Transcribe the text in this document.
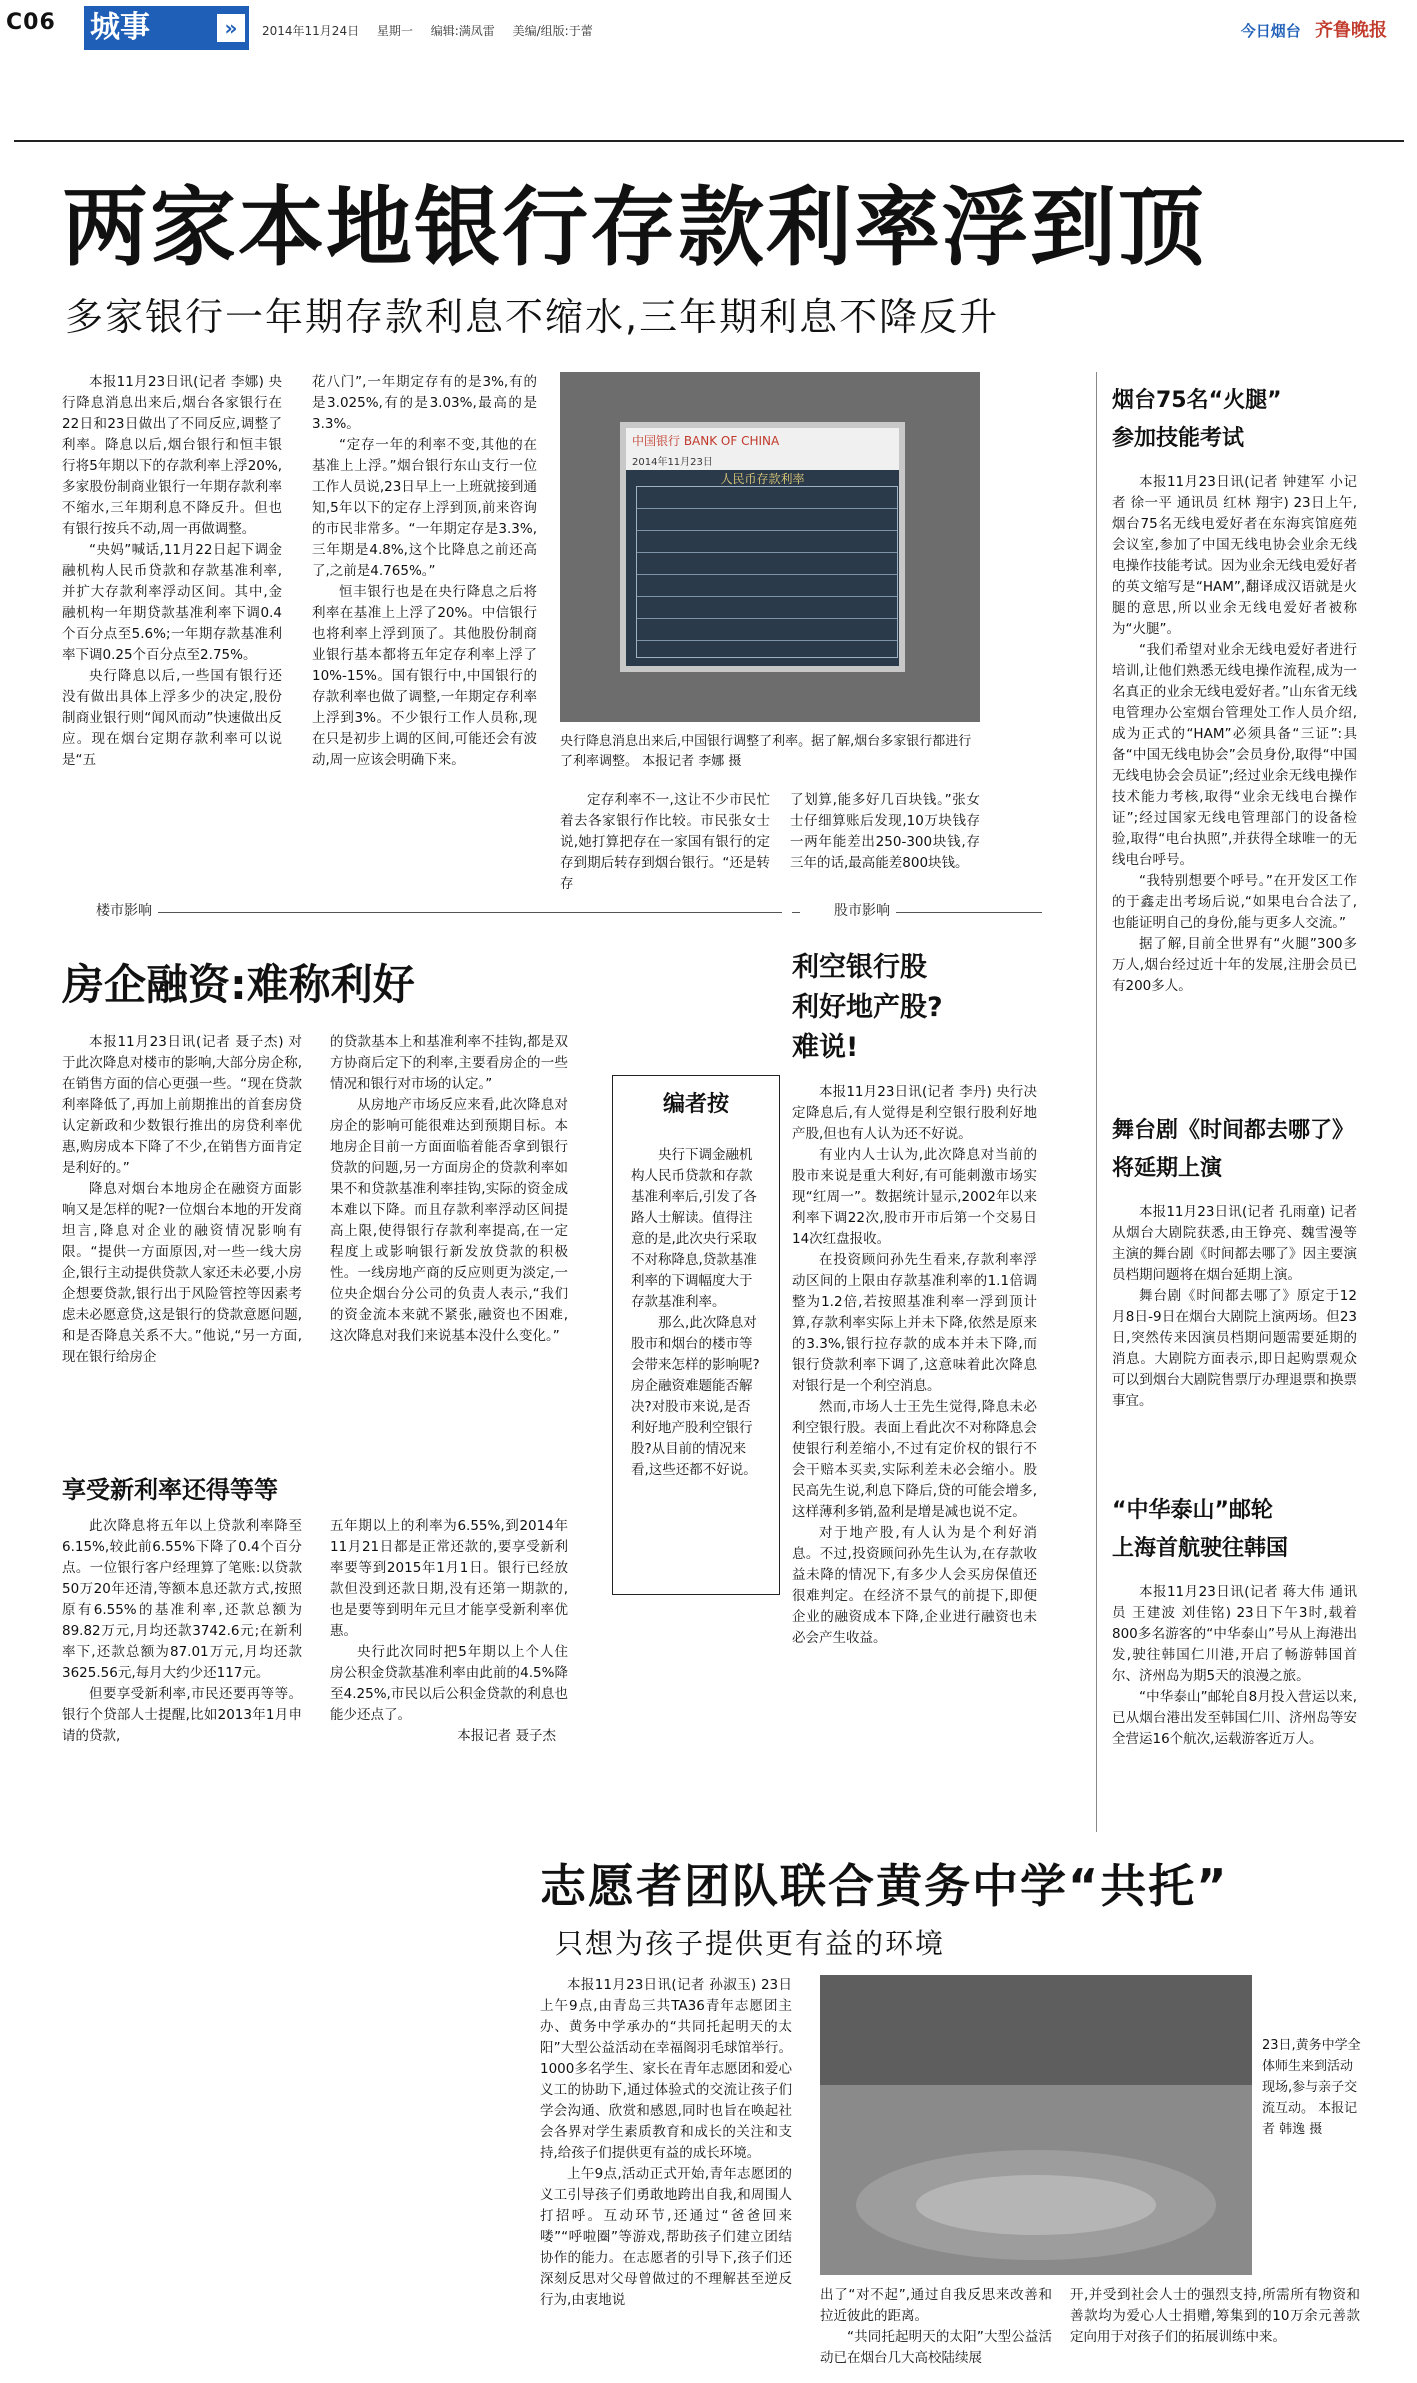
C06 城事	»	2014年11月24日 星期一 编辑:满凤雷 美编/组版:于蕾	今日烟台 齐鲁晚报
两家本地银行存款利率浮到顶
多家银行一年期存款利息不缩水,三年期利息不降反升

本报11月23日讯(记者 李娜) 央行降息消息出来后,烟台各家银行在22日和23日做出了不同反应,调整了利率。降息以后,烟台银行和恒丰银行将5年期以下的存款利率上浮20%,多家股份制商业银行一年期存款利率不缩水,三年期利息不降反升。但也有银行按兵不动,周一再做调整。

“央妈”喊话,11月22日起下调金融机构人民币贷款和存款基准利率,并扩大存款利率浮动区间。其中,金融机构一年期贷款基准利率下调0.4个百分点至5.6%;一年期存款基准利率下调0.25个百分点至2.75%。

央行降息以后,一些国有银行还没有做出具体上浮多少的决定,股份制商业银行则“闻风而动”快速做出反应。现在烟台定期存款利率可以说是“五

花八门”,一年期定存有的是3%,有的是3.025%,有的是3.03%,最高的是3.3%。

“定存一年的利率不变,其他的在基准上上浮。”烟台银行东山支行一位工作人员说,23日早上一上班就接到通知,5年以下的定存上浮到顶,前来咨询的市民非常多。“一年期定存是3.3%,三年期是4.8%,这个比降息之前还高了,之前是4.765%。”

恒丰银行也是在央行降息之后将利率在基准上上浮了20%。中信银行也将利率上浮到顶了。其他股份制商业银行基本都将五年定存利率上浮了10%-15%。国有银行中,中国银行的存款利率也做了调整,一年期定存利率上浮到3%。不少银行工作人员称,现在只是初步上调的区间,可能还会有波动,周一应该会明确下来。

中国银行 BANK OF CHINA
2014年11月23日
人民币存款利率
央行降息消息出来后,中国银行调整了利率。据了解,烟台多家银行都进行了利率调整。 本报记者 李娜 摄

定存利率不一,这让不少市民忙着去各家银行作比较。市民张女士说,她打算把存在一家国有银行的定存到期后转存到烟台银行。“还是转存

了划算,能多好几百块钱。”张女士仔细算账后发现,10万块钱存一两年能差出250-300块钱,存三年的话,最高能差800块钱。

楼市影响
房企融资:难称利好

本报11月23日讯(记者 聂子杰) 对于此次降息对楼市的影响,大部分房企称,在销售方面的信心更强一些。“现在贷款利率降低了,再加上前期推出的首套房贷认定新政和少数银行推出的房贷利率优惠,购房成本下降了不少,在销售方面肯定是利好的。”

降息对烟台本地房企在融资方面影响又是怎样的呢?一位烟台本地的开发商坦言,降息对企业的融资情况影响有限。“提供一方面原因,对一些一线大房企,银行主动提供贷款人家还未必要,小房企想要贷款,银行出于风险管控等因素考虑未必愿意贷,这是银行的贷款意愿问题,和是否降息关系不大。”他说,“另一方面,现在银行给房企

的贷款基本上和基准利率不挂钩,都是双方协商后定下的利率,主要看房企的一些情况和银行对市场的认定。”

从房地产市场反应来看,此次降息对房企的影响可能很难达到预期目标。本地房企目前一方面面临着能否拿到银行贷款的问题,另一方面房企的贷款利率如果不和贷款基准利率挂钩,实际的资金成本难以下降。而且存款利率浮动区间提高上限,使得银行存款利率提高,在一定程度上或影响银行新发放贷款的积极性。一线房地产商的反应则更为淡定,一位央企烟台分公司的负责人表示,“我们的资金流本来就不紧张,融资也不困难,这次降息对我们来说基本没什么变化。”

享受新利率还得等等

此次降息将五年以上贷款利率降至6.15%,较此前6.55%下降了0.4个百分点。一位银行客户经理算了笔账:以贷款50万20年还清,等额本息还款方式,按照原有6.55%的基准利率,还款总额为89.82万元,月均还款3742.6元;在新利率下,还款总额为87.01万元,月均还款3625.56元,每月大约少还117元。

但要享受新利率,市民还要再等等。银行个贷部人士提醒,比如2013年1月申请的贷款,

五年期以上的利率为6.55%,到2014年11月21日都是正常还款的,要享受新利率要等到2015年1月1日。银行已经放款但没到还款日期,没有还第一期款的,也是要等到明年元旦才能享受新利率优惠。

央行此次同时把5年期以上个人住房公积金贷款基准利率由此前的4.5%降至4.25%,市民以后公积金贷款的利息也能少还点了。

本报记者 聂子杰
编者按

央行下调金融机构人民币贷款和存款基准利率后,引发了各路人士解读。值得注意的是,此次央行采取不对称降息,贷款基准利率的下调幅度大于存款基准利率。

那么,此次降息对股市和烟台的楼市等会带来怎样的影响呢?房企融资难题能否解决?对股市来说,是否利好地产股利空银行股?从目前的情况来看,这些还都不好说。

股市影响
利空银行股
利好地产股?
难说!

本报11月23日讯(记者 李丹) 央行决定降息后,有人觉得是利空银行股利好地产股,但也有人认为还不好说。

有业内人士认为,此次降息对当前的股市来说是重大利好,有可能刺激市场实现“红周一”。数据统计显示,2002年以来利率下调22次,股市开市后第一个交易日14次红盘报收。

在投资顾问孙先生看来,存款利率浮动区间的上限由存款基准利率的1.1倍调整为1.2倍,若按照基准利率一浮到顶计算,存款利率实际上并未下降,依然是原来的3.3%,银行拉存款的成本并未下降,而银行贷款利率下调了,这意味着此次降息对银行是一个利空消息。

然而,市场人士王先生觉得,降息未必利空银行股。表面上看此次不对称降息会使银行利差缩小,不过有定价权的银行不会干赔本买卖,实际利差未必会缩小。股民高先生说,利息下降后,贷的可能会增多,这样薄利多销,盈利是增是减也说不定。

对于地产股,有人认为是个利好消息。不过,投资顾问孙先生认为,在存款收益未降的情况下,有多少人会买房保值还很难判定。在经济不景气的前提下,即便企业的融资成本下降,企业进行融资也未必会产生收益。

烟台75名“火腿”
参加技能考试

本报11月23日讯(记者 钟建军 小记者 徐一平 通讯员 红林 翔宇) 23日上午,烟台75名无线电爱好者在东海宾馆庭苑会议室,参加了中国无线电协会业余无线电操作技能考试。因为业余无线电爱好者的英文缩写是“HAM”,翻译成汉语就是火腿的意思,所以业余无线电爱好者被称为“火腿”。

“我们希望对业余无线电爱好者进行培训,让他们熟悉无线电操作流程,成为一名真正的业余无线电爱好者。”山东省无线电管理办公室烟台管理处工作人员介绍,成为正式的“HAM”必须具备“三证”:具备“中国无线电协会”会员身份,取得“中国无线电协会会员证”;经过业余无线电操作技术能力考核,取得“业余无线电台操作证”;经过国家无线电管理部门的设备检验,取得“电台执照”,并获得全球唯一的无线电台呼号。

“我特别想要个呼号。”在开发区工作的于鑫走出考场后说,“如果电台合法了,也能证明自己的身份,能与更多人交流。”

据了解,目前全世界有“火腿”300多万人,烟台经过近十年的发展,注册会员已有200多人。

舞台剧《时间都去哪了》
将延期上演

本报11月23日讯(记者 孔雨童) 记者从烟台大剧院获悉,由王铮亮、魏雪漫等主演的舞台剧《时间都去哪了》因主要演员档期问题将在烟台延期上演。

舞台剧《时间都去哪了》原定于12月8日-9日在烟台大剧院上演两场。但23日,突然传来因演员档期问题需要延期的消息。大剧院方面表示,即日起购票观众可以到烟台大剧院售票厅办理退票和换票事宜。

“中华泰山”邮轮
上海首航驶往韩国

本报11月23日讯(记者 蒋大伟 通讯员 王建波 刘佳铭) 23日下午3时,载着800多名游客的“中华泰山”号从上海港出发,驶往韩国仁川港,开启了畅游韩国首尔、济州岛为期5天的浪漫之旅。

“中华泰山”邮轮自8月投入营运以来,已从烟台港出发至韩国仁川、济州岛等安全营运16个航次,运载游客近万人。

志愿者团队联合黄务中学“共托”
只想为孩子提供更有益的环境

本报11月23日讯(记者 孙淑玉) 23日上午9点,由青岛三共TA36青年志愿团主办、黄务中学承办的“共同托起明天的太阳”大型公益活动在幸福阁羽毛球馆举行。1000多名学生、家长在青年志愿团和爱心义工的协助下,通过体验式的交流让孩子们学会沟通、欣赏和感恩,同时也旨在唤起社会各界对学生素质教育和成长的关注和支持,给孩子们提供更有益的成长环境。

上午9点,活动正式开始,青年志愿团的义工引导孩子们勇敢地跨出自我,和周围人打招呼。互动环节,还通过“爸爸回来喽”“呼啦圈”等游戏,帮助孩子们建立团结协作的能力。在志愿者的引导下,孩子们还深刻反思对父母曾做过的不理解甚至逆反行为,由衷地说

23日,黄务中学全体师生来到活动现场,参与亲子交流互动。 本报记者 韩逸 摄

出了“对不起”,通过自我反思来改善和拉近彼此的距离。

“共同托起明天的太阳”大型公益活动已在烟台几大高校陆续展

开,并受到社会人士的强烈支持,所需所有物资和善款均为爱心人士捐赠,筹集到的10万余元善款定向用于对孩子们的拓展训练中来。
